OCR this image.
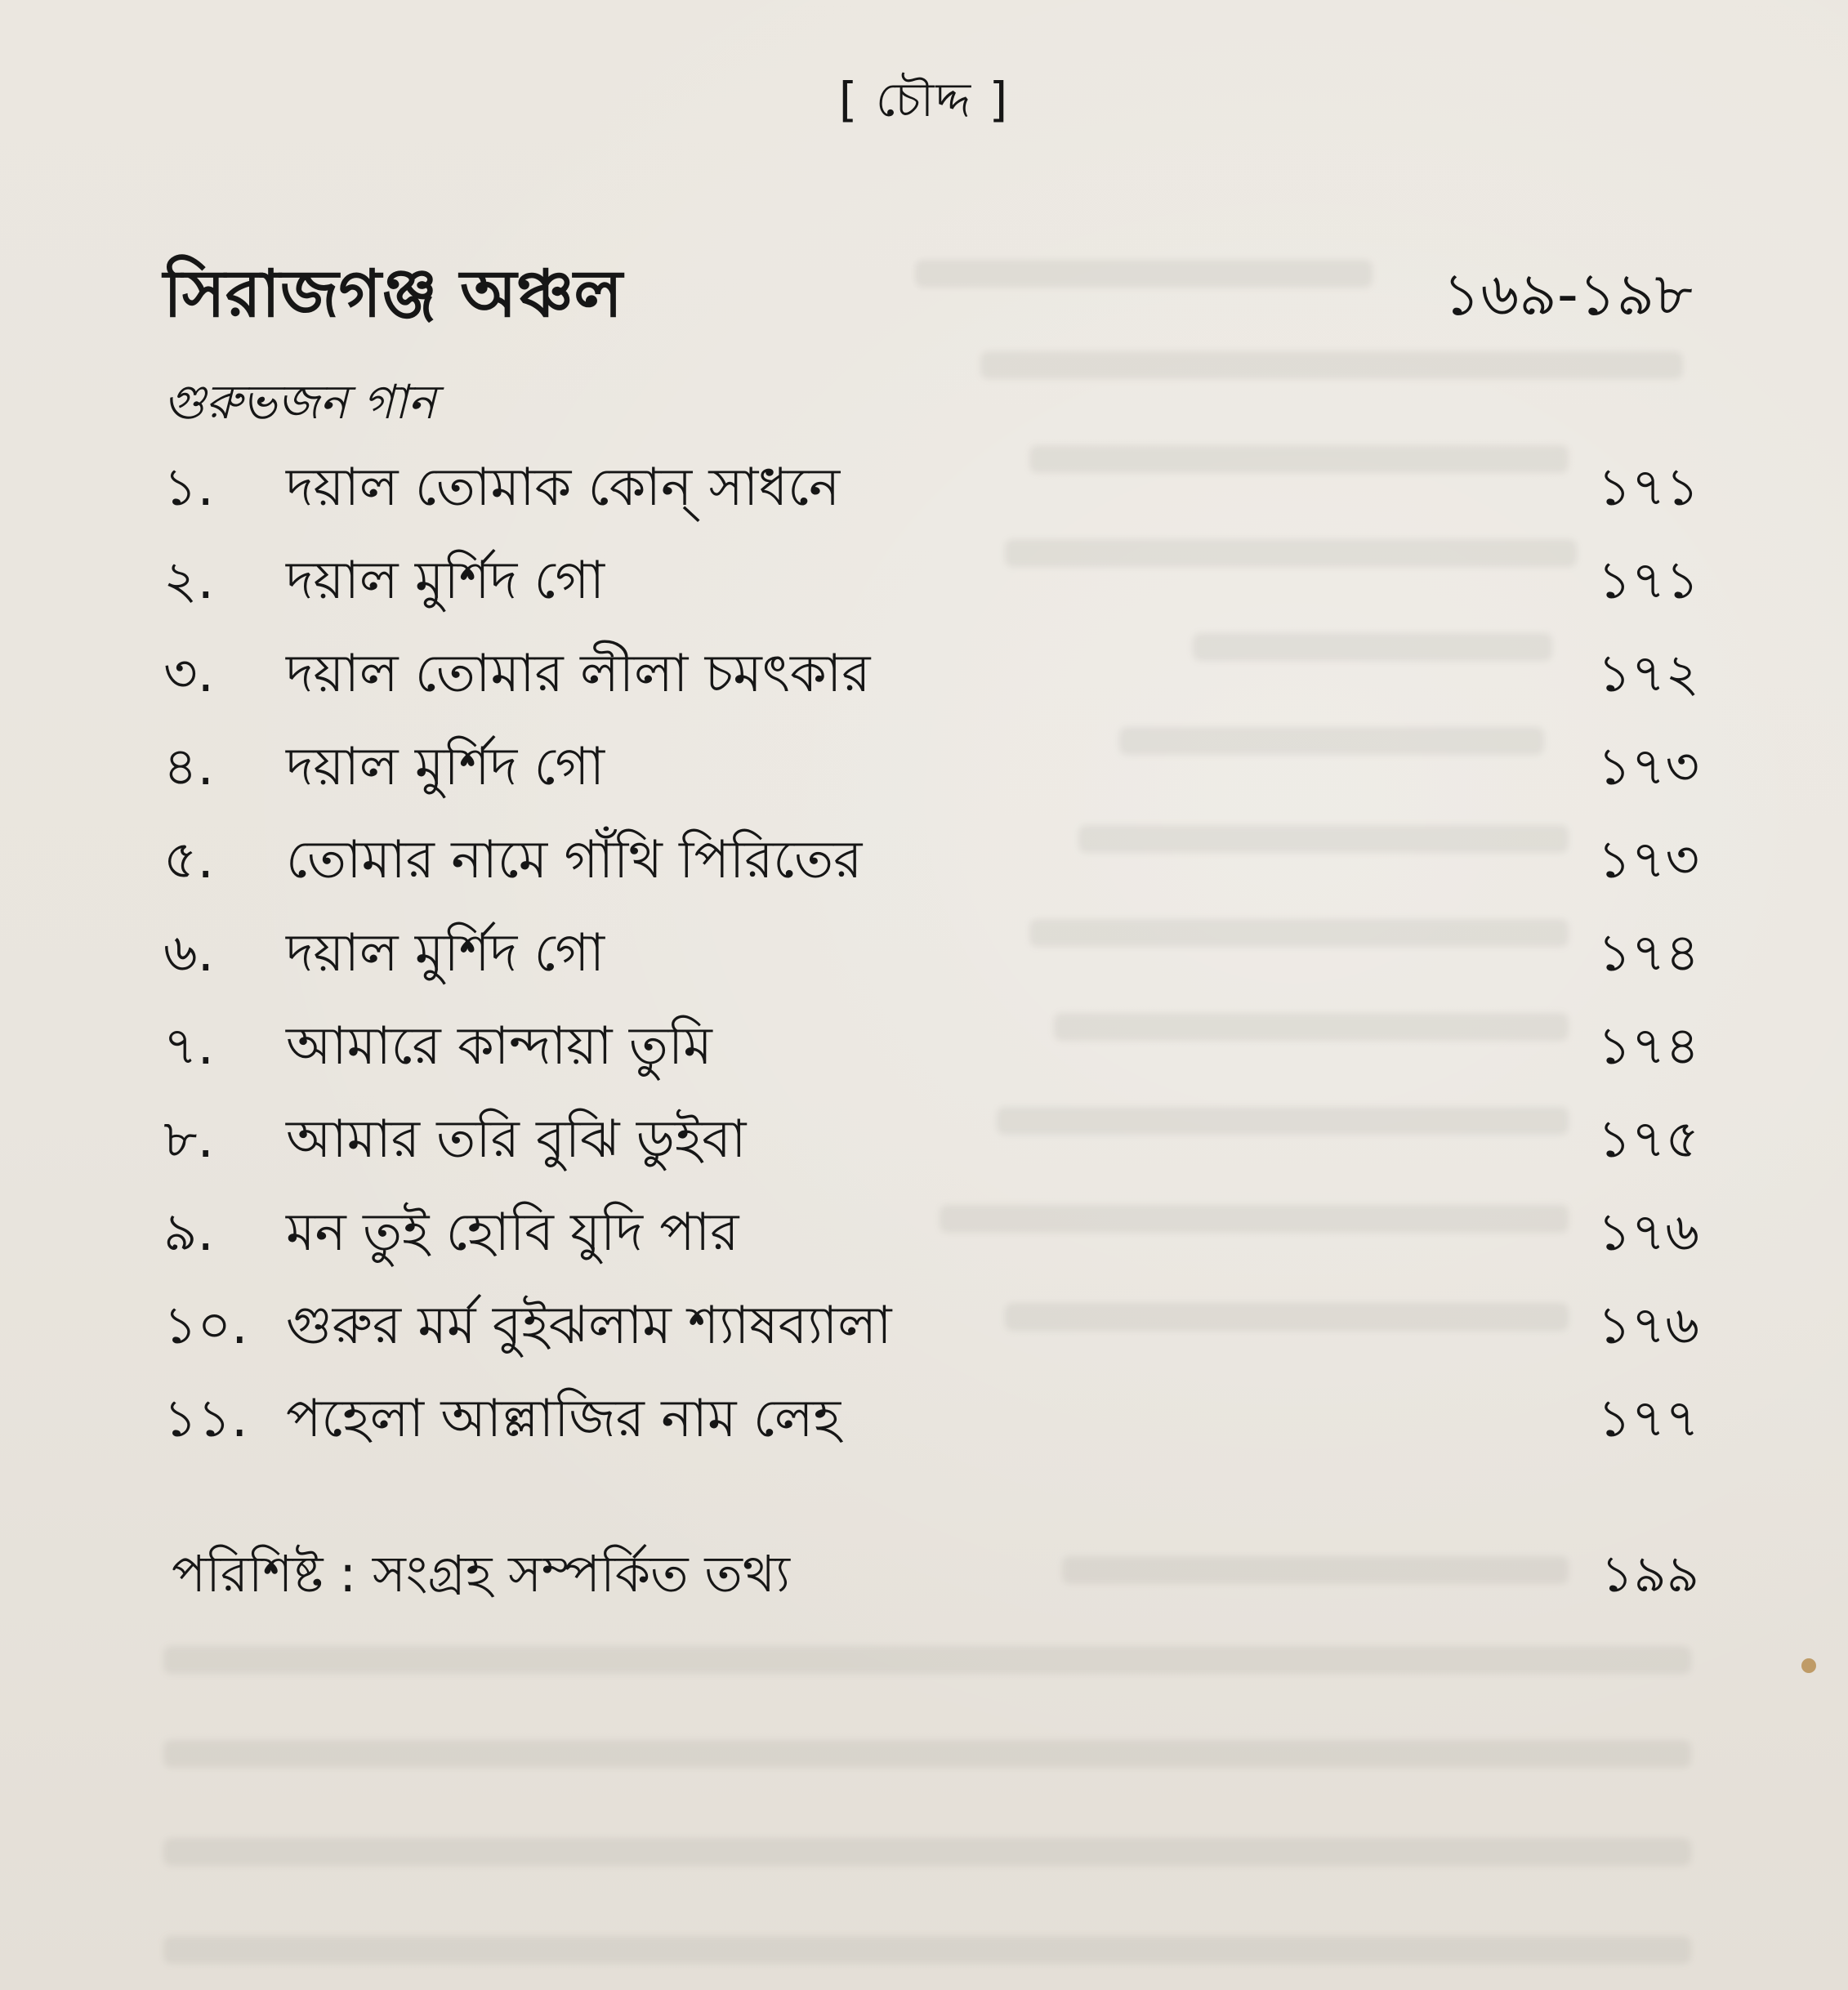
[ চৌদ্দ ]
সিরাজগঞ্জ অঞ্চল	১৬৯-১৯৮
গুরুভজন গান
১. দয়াল তোমাক কোন্ সাধনে	১৭১
২. দয়াল মুর্শিদ গো	১৭১
৩. দয়াল তোমার লীলা চমৎকার	১৭২
৪. দয়াল মুর্শিদ গো	১৭৩
৫. তোমার নামে গাঁথি পিরিতের	১৭৩
৬. দয়াল মুর্শিদ গো	১৭৪
৭. আমারে কান্দায়া তুমি	১৭৪
৮. আমার তরি বুঝি ডুইবা	১৭৫
৯. মন তুই হোবি যুদি পার	১৭৬
১০. গুরুর মর্ম বুইঝলাম শ্যাষব্যালা	১৭৬
১১. পহেলা আল্লাজির নাম লেহ	১৭৭
পরিশিষ্ট : সংগ্রহ সম্পর্কিত তথ্য	১৯৯
